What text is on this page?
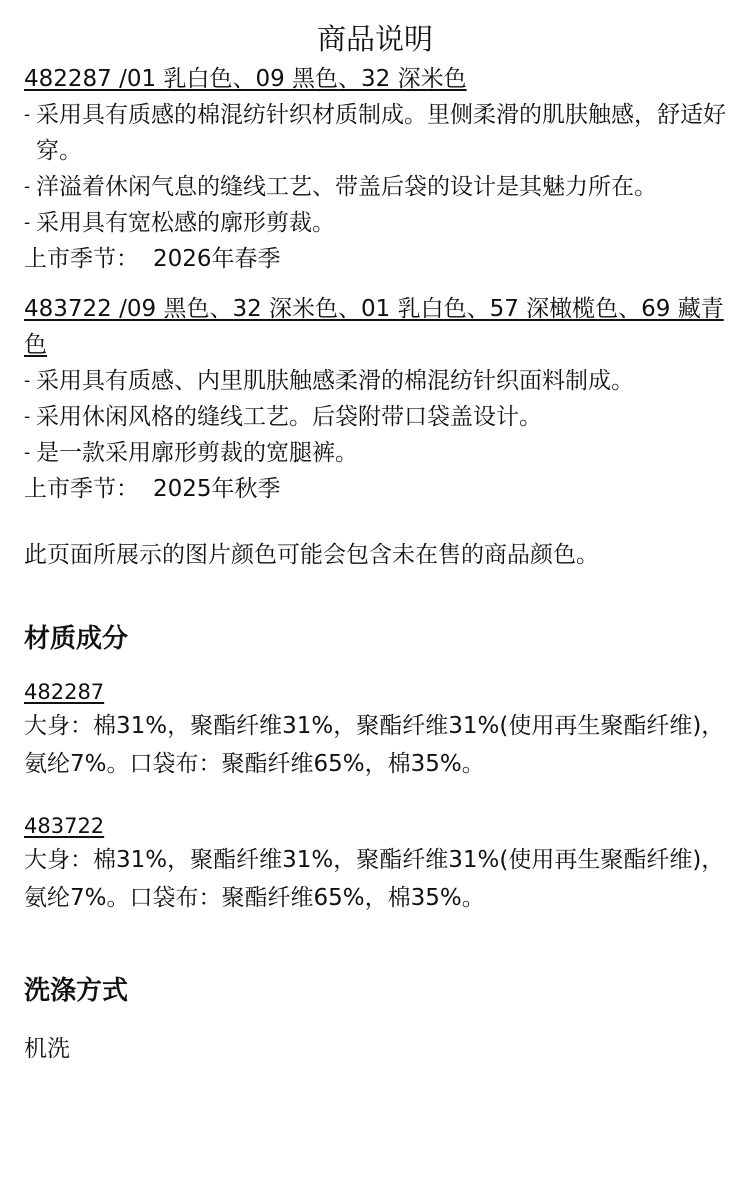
商品说明
482287 /01 乳白色、09 黑色、32 深米色
- 采用具有质感的棉混纺针织材质制成。里侧柔滑的肌肤触感，舒适好穿。
- 洋溢着休闲气息的缝线工艺、带盖后袋的设计是其魅力所在。
- 采用具有宽松感的廓形剪裁。
上市季节： 2026年春季
483722 /09 黑色、32 深米色、01 乳白色、57 深橄榄色、69 藏青色
- 采用具有质感、内里肌肤触感柔滑的棉混纺针织面料制成。
- 采用休闲风格的缝线工艺。后袋附带口袋盖设计。
- 是一款采用廓形剪裁的宽腿裤。
上市季节： 2025年秋季
此页面所展示的图片颜色可能会包含未在售的商品颜色。
材质成分
482287
大身：棉31%，聚酯纤维31%，聚酯纤维31%(使用再生聚酯纤维)，氨纶7%。口袋布：聚酯纤维65%，棉35%。
483722
大身：棉31%，聚酯纤维31%，聚酯纤维31%(使用再生聚酯纤维)，氨纶7%。口袋布：聚酯纤维65%，棉35%。
洗涤方式
机洗
